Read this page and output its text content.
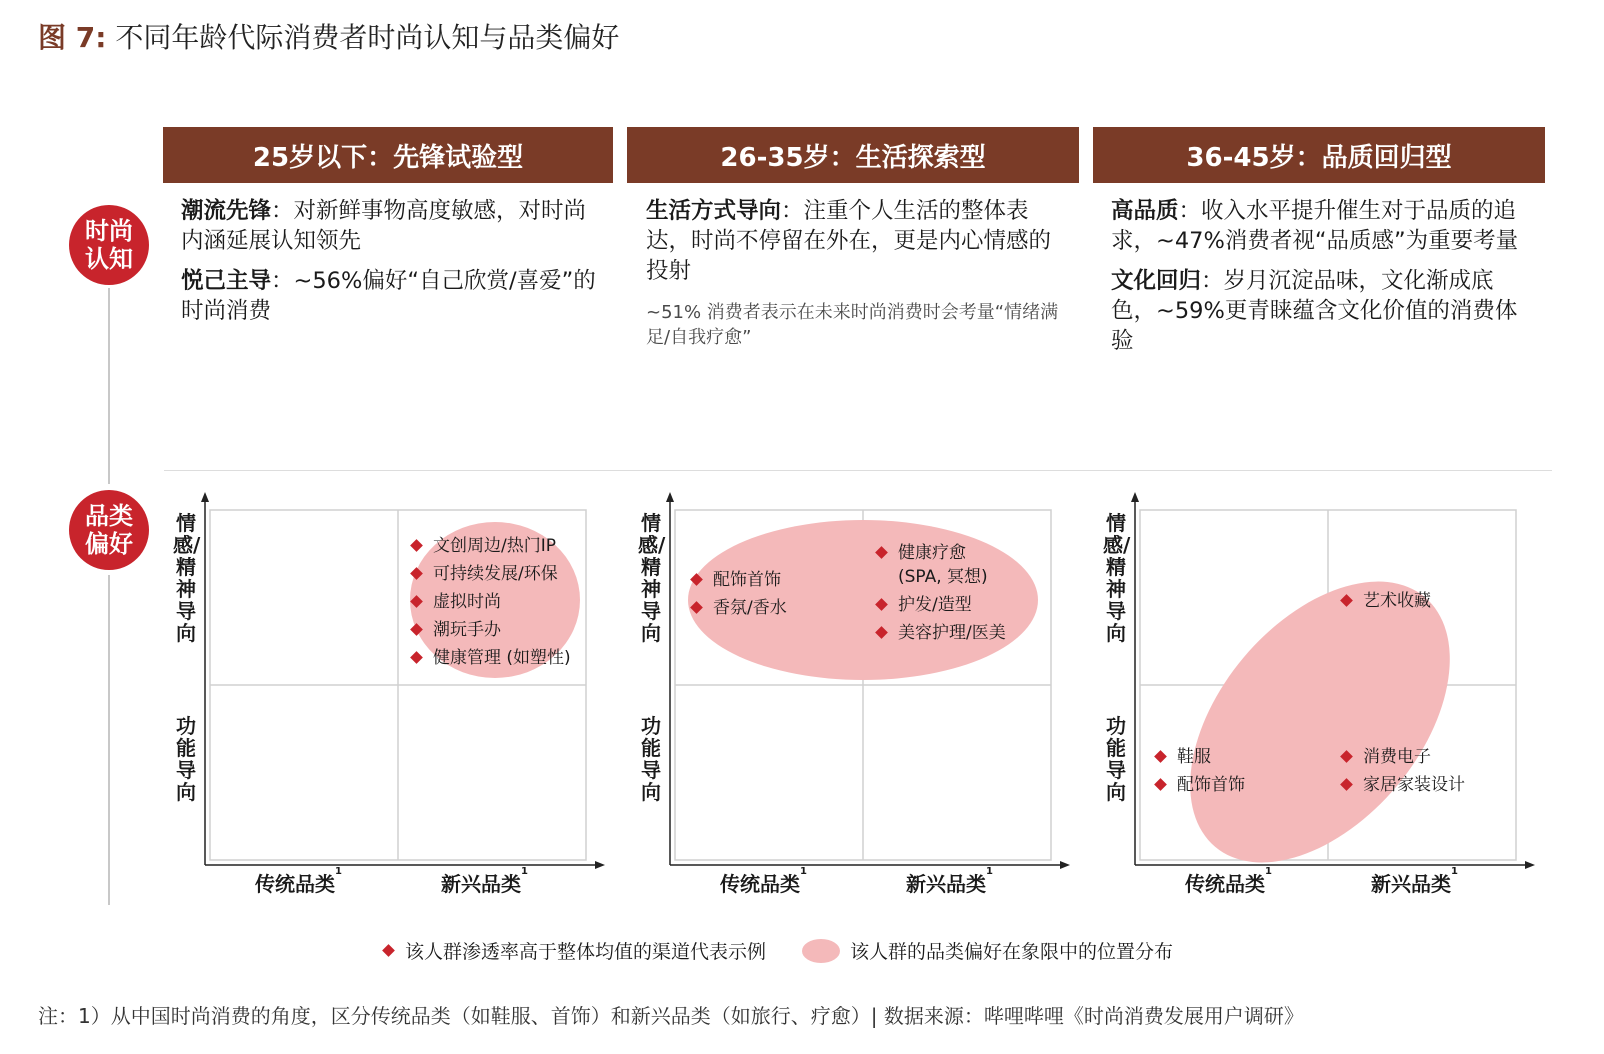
图 7: 不同年龄代际消费者时尚认知与品类偏好
25岁以下：先锋试验型	26-35岁：生活探索型	36-45岁：品质回归型
时尚认知
品类偏好

潮流先锋：对新鲜事物高度敏感，对时尚内涵延展认知领先

悦己主导：~56%偏好“自己欣赏/喜爱”的时尚消费

生活方式导向：注重个人生活的整体表达，时尚不停留在外在，更是内心情感的投射

~51% 消费者表示在未来时尚消费时会考量“情绪满足/自我疗愈”

高品质：收入水平提升催生对于品质的追求，~47%消费者视“品质感”为重要考量

文化回归：岁月沉淀品味，文化渐成底色，~59%更青睐蕴含文化价值的消费体验

情感/精神导向
功能导向
传统品类$^1$
新兴品类$^1$
文创周边/热门IP
可持续发展/环保
虚拟时尚
潮玩手办
健康管理 (如塑性)
情感/精神导向
功能导向
传统品类$^1$
新兴品类$^1$
配饰首饰
香氛/香水
健康疗愈
(SPA, 冥想)
护发/造型
美容护理/医美
情感/精神导向
功能导向
传统品类$^1$
新兴品类$^1$
艺术收藏
鞋服
配饰首饰
消费电子
家居家装设计
该人群渗透率高于整体均值的渠道代表示例	该人群的品类偏好在象限中的位置分布
注：1）从中国时尚消费的角度，区分传统品类（如鞋服、首饰）和新兴品类（如旅行、疗愈）| 数据来源：哔哩哔哩《时尚消费发展用户调研》
